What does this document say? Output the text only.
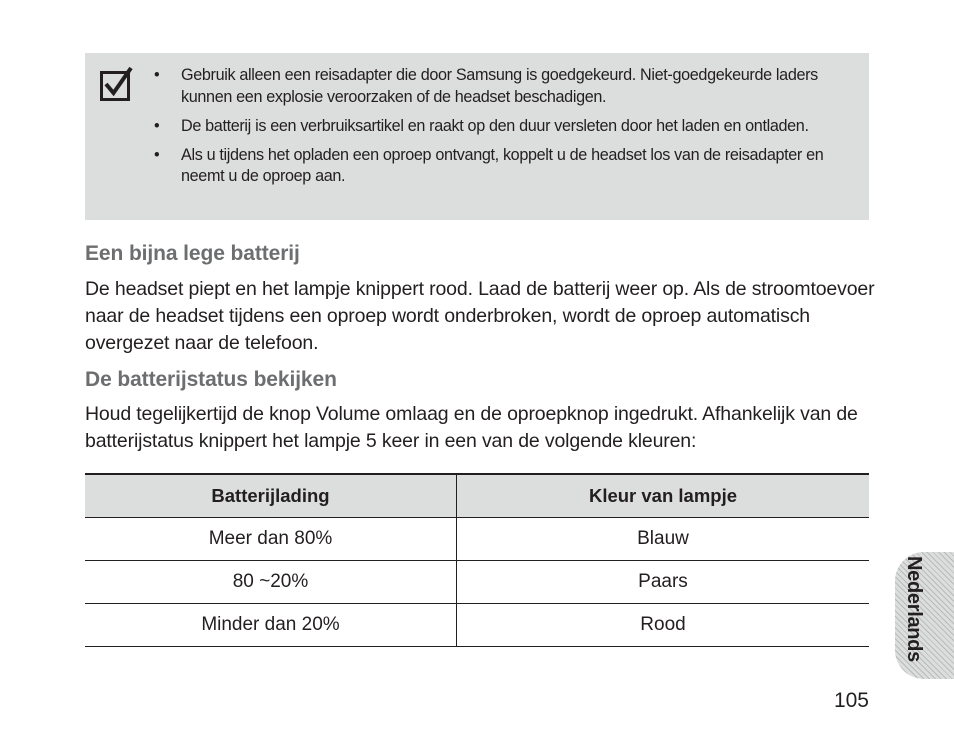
• Gebruik alleen een reisadapter die door Samsung is goedgekeurd. Niet-goedgekeurde laders kunnen een explosie veroorzaken of de headset beschadigen.
• De batterij is een verbruiksartikel en raakt op den duur versleten door het laden en ontladen.
• Als u tijdens het opladen een oproep ontvangt, koppelt u de headset los van de reisadapter en neemt u de oproep aan.
Een bijna lege batterij

De headset piept en het lampje knippert rood. Laad de batterij weer op. Als de stroomtoevoer naar de headset tijdens een oproep wordt onderbroken, wordt de oproep automatisch overgezet naar de telefoon.

De batterijstatus bekijken

Houd tegelijkertijd de knop Volume omlaag en de oproepknop ingedrukt. Afhankelijk van de batterijstatus knippert het lampje 5 keer in een van de volgende kleuren:

Batterijlading	Kleur van lampje
Meer dan 80%	Blauw
80 ~20%	Paars
Minder dan 20%	Rood	Nederlands
105
